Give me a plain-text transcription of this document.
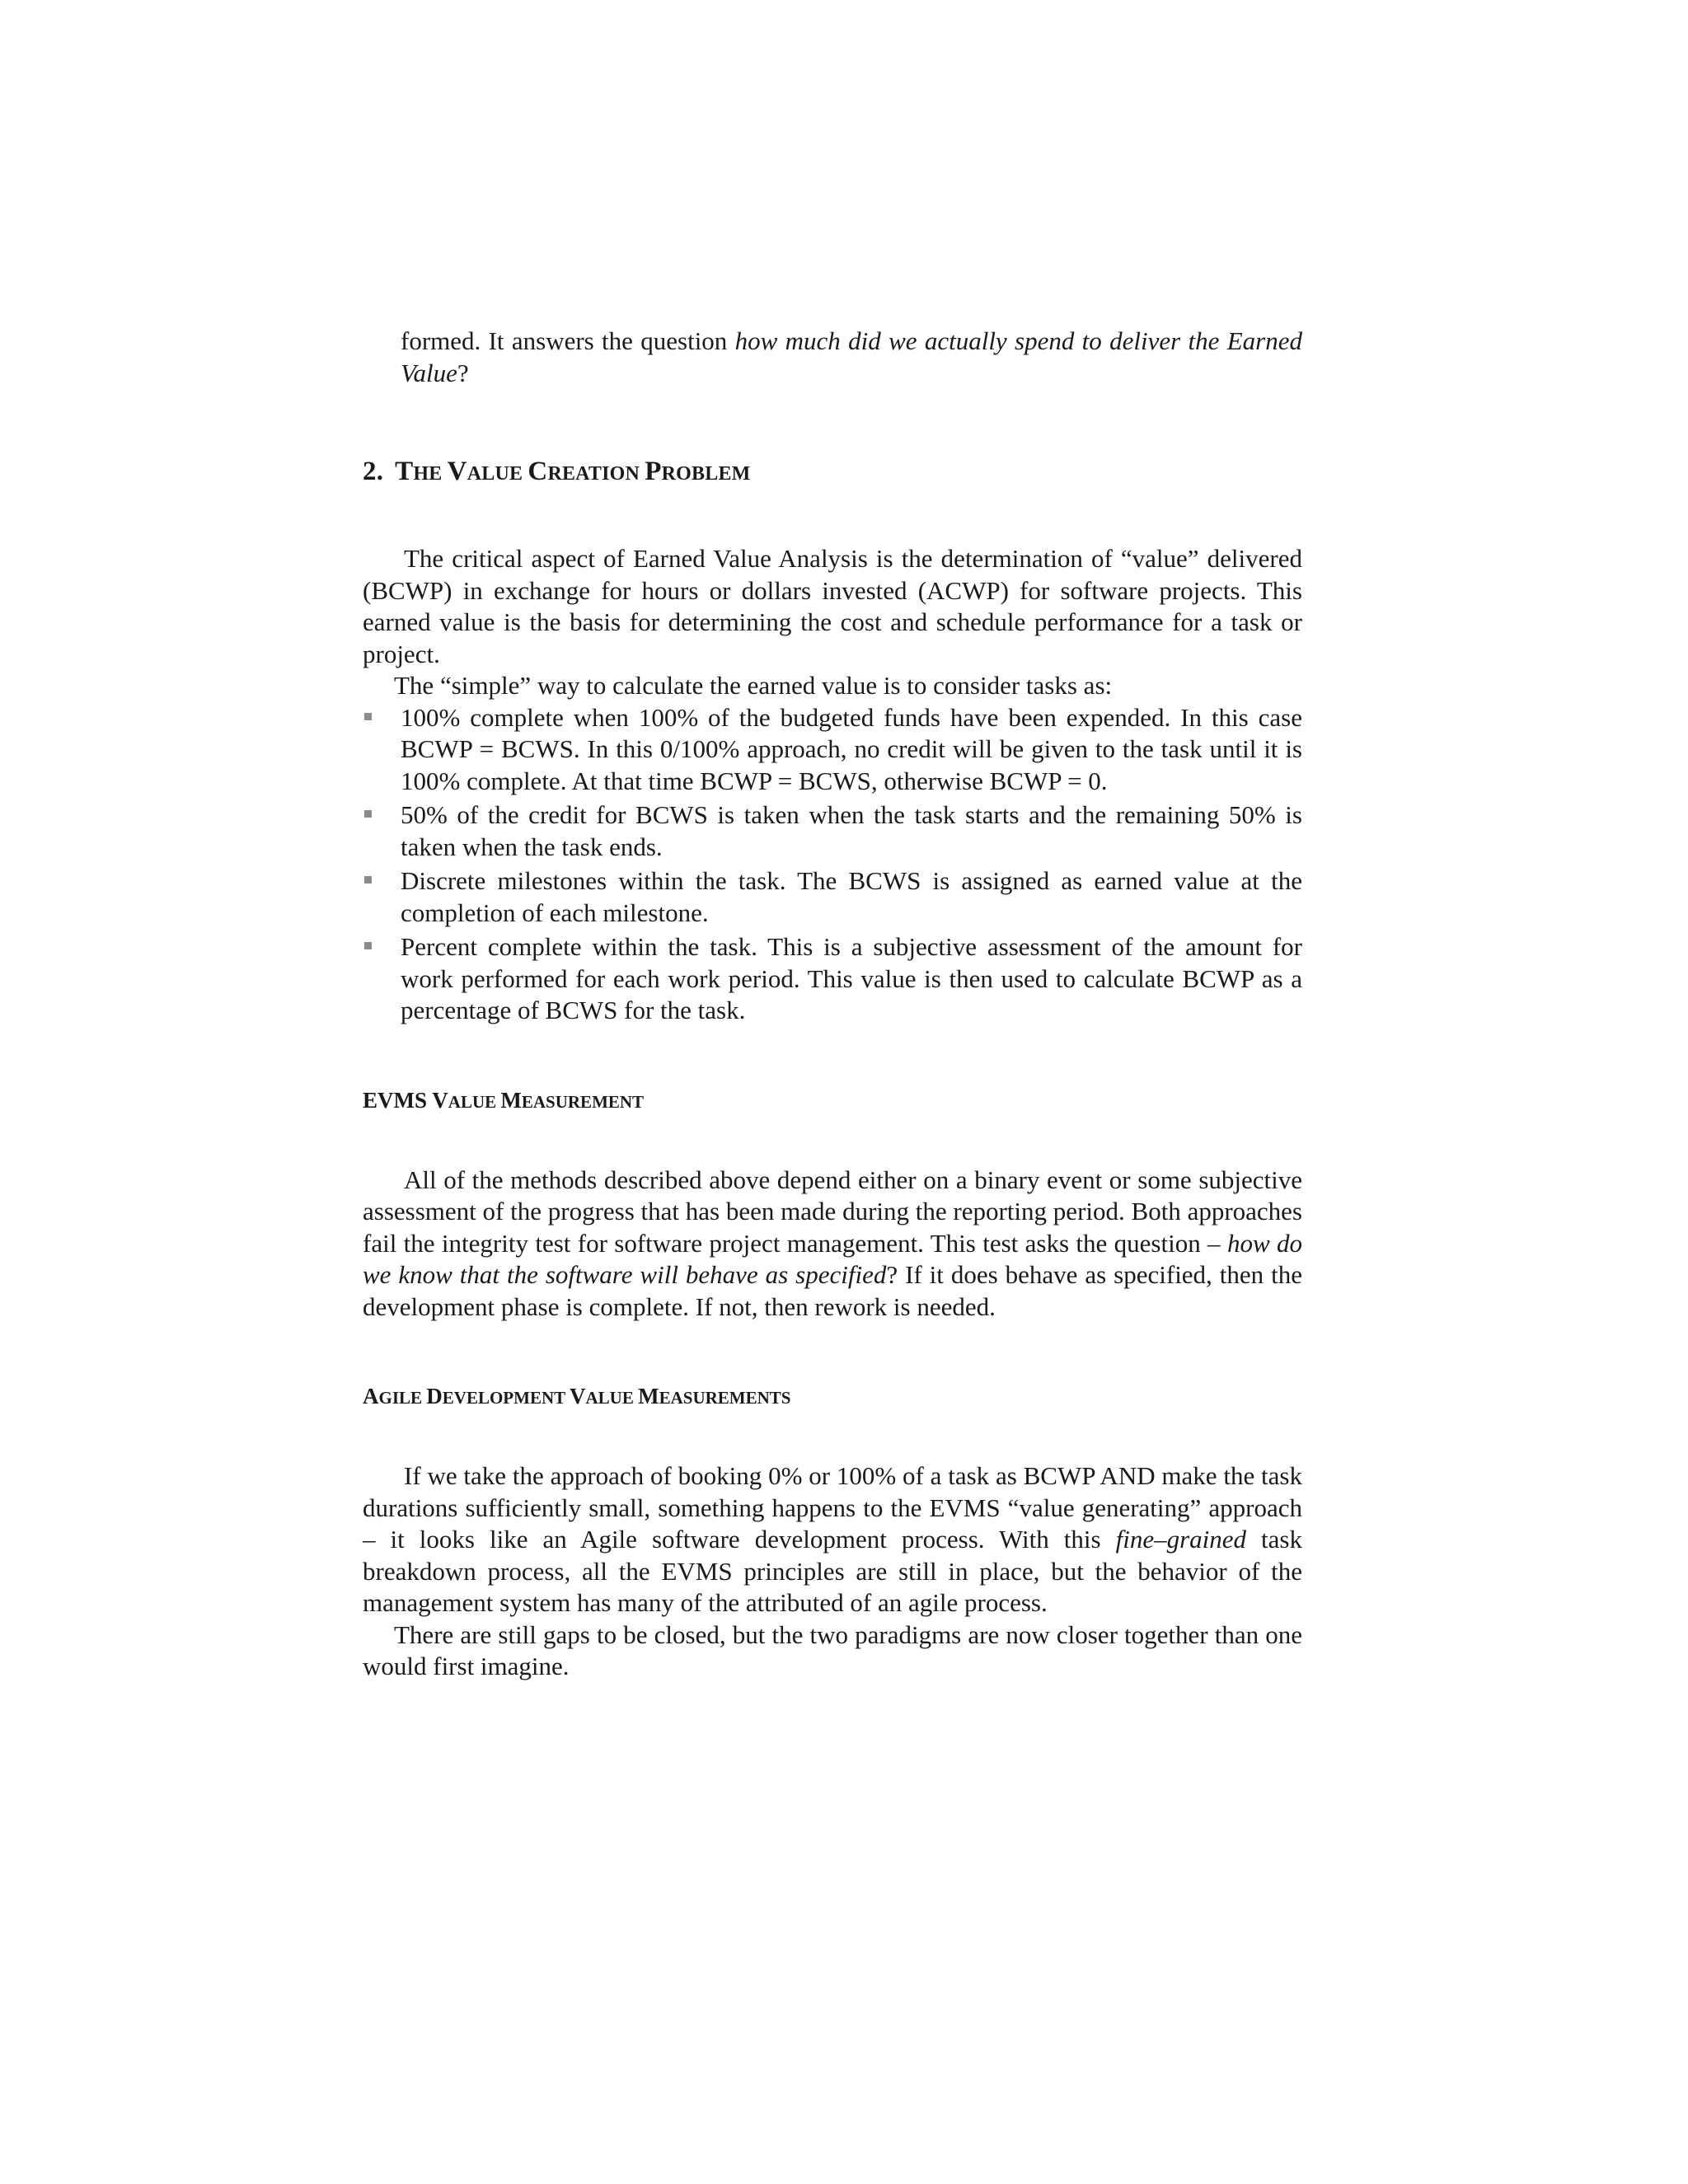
formed. It answers the question how much did we actually spend to deliver the Earned Value?

2. THE VALUE CREATION PROBLEM

The critical aspect of Earned Value Analysis is the determination of “value” delivered (BCWP) in exchange for hours or dollars invested (ACWP) for software projects. This earned value is the basis for determining the cost and schedule performance for a task or project.

The “simple” way to calculate the earned value is to consider tasks as:

100% complete when 100% of the budgeted funds have been expended. In this case BCWP = BCWS. In this 0/100% approach, no credit will be given to the task until it is 100% complete. At that time BCWP = BCWS, otherwise BCWP = 0.
50% of the credit for BCWS is taken when the task starts and the remaining 50% is taken when the task ends.
Discrete milestones within the task. The BCWS is assigned as earned value at the completion of each milestone.
Percent complete within the task. This is a subjective assessment of the amount for work performed for each work period. This value is then used to calculate BCWP as a percentage of BCWS for the task.
EVMS VALUE MEASUREMENT

All of the methods described above depend either on a binary event or some subjective assessment of the progress that has been made during the reporting period. Both approaches fail the integrity test for software project management. This test asks the question – how do we know that the software will behave as specified? If it does behave as specified, then the development phase is complete. If not, then rework is needed.

AGILE DEVELOPMENT VALUE MEASUREMENTS

If we take the approach of booking 0% or 100% of a task as BCWP AND make the task durations sufficiently small, something happens to the EVMS “value generating” approach – it looks like an Agile software development process. With this fine–grained task breakdown process, all the EVMS principles are still in place, but the behavior of the management system has many of the attributed of an agile process.

There are still gaps to be closed, but the two paradigms are now closer together than one would first imagine.
